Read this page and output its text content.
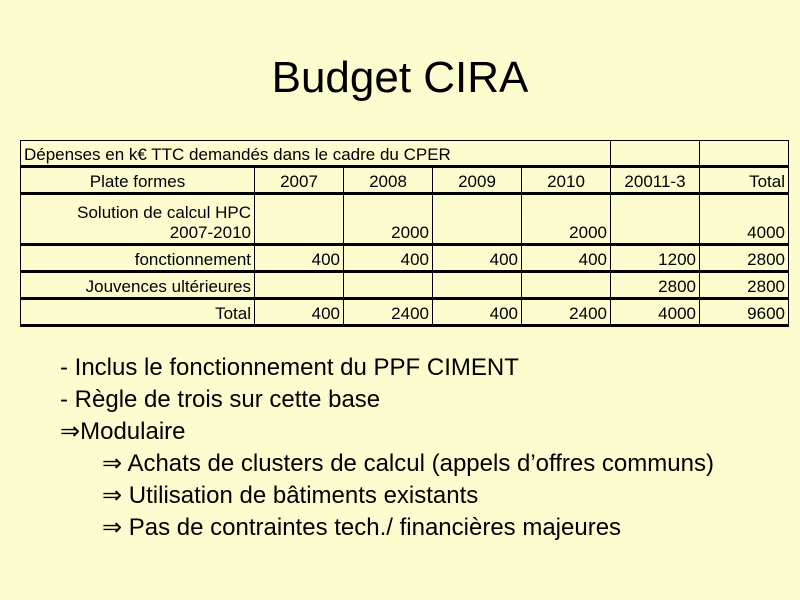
Budget CIRA
Dépenses en k€ TTC demandés dans le cadre du CPER						
Plate formes	2007	2008	2009	2010	20011-3	Total

Solution de calcul HPC
2007-2010		2000		2000		4000
fonctionnement	400	400	400	400	1200	2800
Jouvences ultérieures					2800	2800
Total	400	2400	400	2400	4000	9600
- Inclus le fonctionnement du PPF CIMENT
- Règle de trois sur cette base
⇒Modulaire
⇒ Achats de clusters de calcul (appels d’offres communs)
⇒ Utilisation de bâtiments existants
⇒ Pas de contraintes tech./ financières majeures
